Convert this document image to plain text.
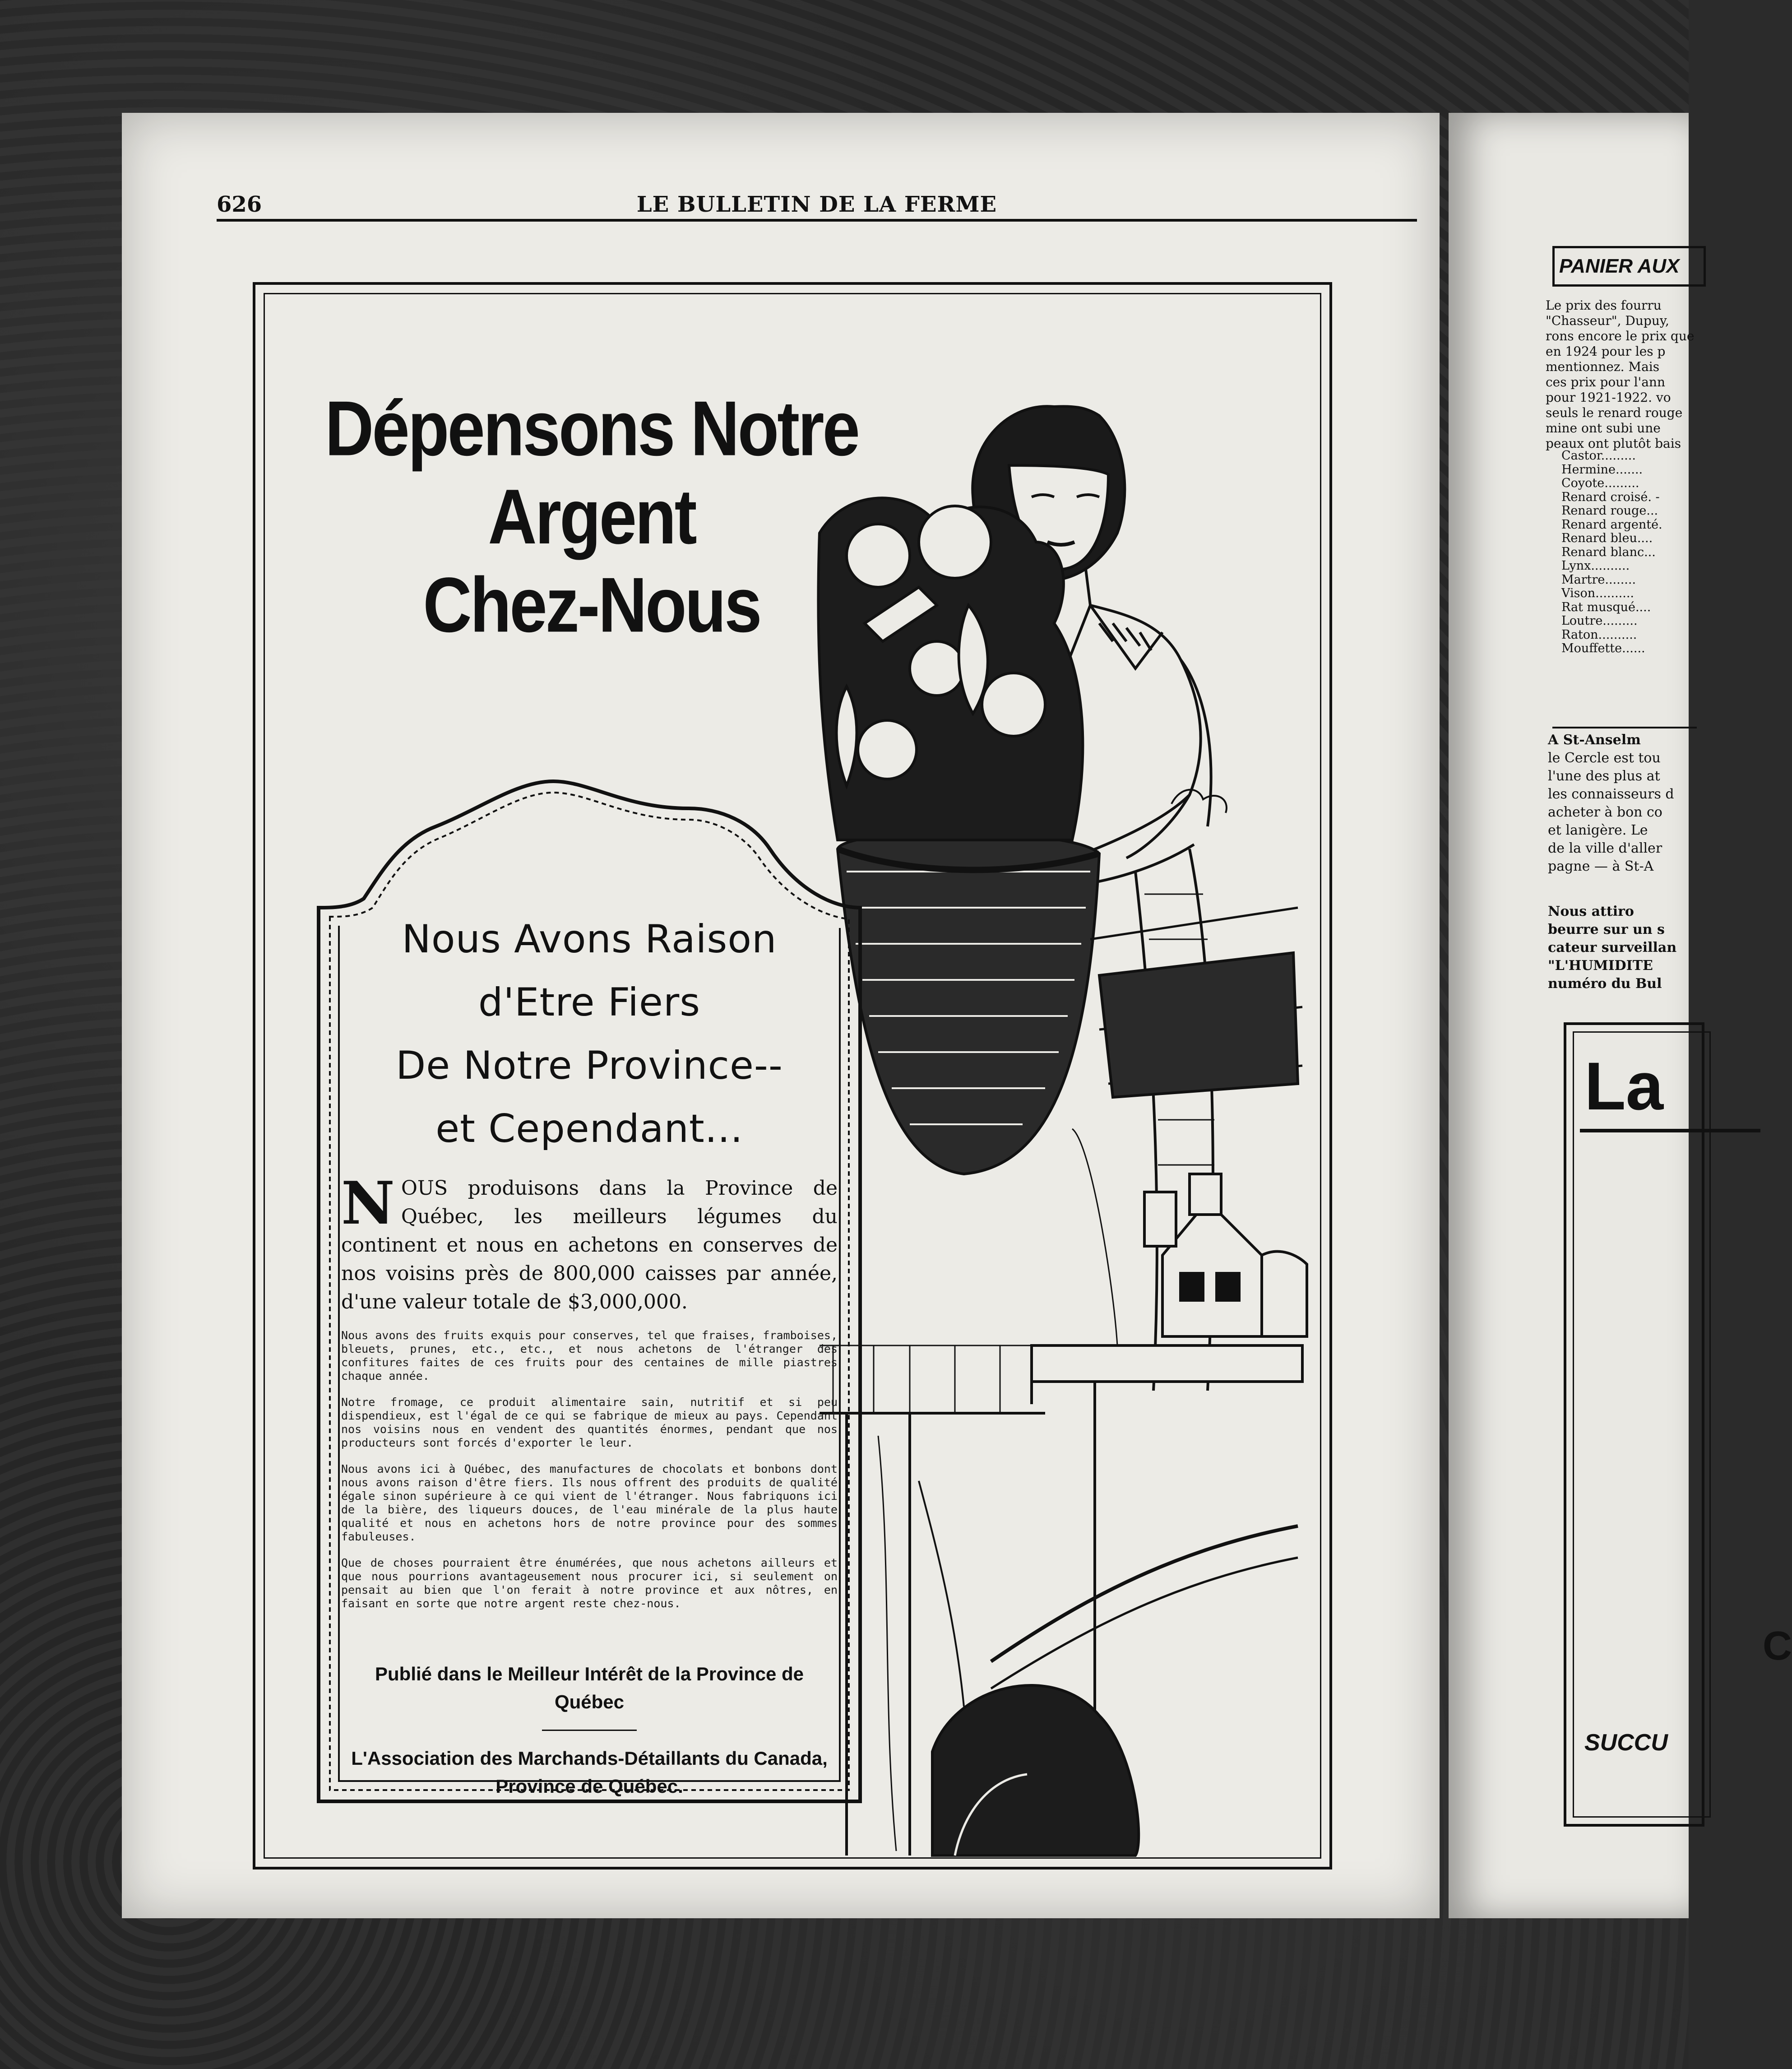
626	LE BULLETIN DE LA FERME
Dépensons Notre Argent
Chez-Nous
Nous Avons Raison
d'Etre Fiers
De Notre Province--
et Cependant...
N OUS produisons dans la Province de Québec, les meilleurs légumes du continent et nous en achetons en conserves de nos voisins près de 800,000 caisses par année, d'une valeur totale de $3,000,000.
Nous avons des fruits exquis pour conserves, tel que fraises, framboises, bleuets, prunes, etc., etc., et nous achetons de l'étranger des confitures faites de ces fruits pour des centaines de mille piastres chaque année.
Notre fromage, ce produit alimentaire sain, nutritif et si peu dispendieux, est l'égal de ce qui se fabrique de mieux au pays. Cependant nos voisins nous en vendent des quantités énormes, pendant que nos producteurs sont forcés d'exporter le leur.
Nous avons ici à Québec, des manufactures de chocolats et bonbons dont nous avons raison d'être fiers. Ils nous offrent des produits de qualité égale sinon supérieure à ce qui vient de l'étranger. Nous fabriquons ici de la bière, des liqueurs douces, de l'eau minérale de la plus haute qualité et nous en achetons hors de notre province pour des sommes fabuleuses.
Que de choses pourraient être énumérées, que nous achetons ailleurs et que nous pourrions avantageusement nous procurer ici, si seulement on pensait au bien que l'on ferait à notre province et aux nôtres, en faisant en sorte que notre argent reste chez-nous.
Publié dans le Meilleur Intérêt de la Province de Québec
L'Association des Marchands-Détaillants du Canada, Province de Québec.
PANIER AUX
Le prix des fourru
"Chasseur", Dupuy,
rons encore le prix que
en 1924 pour les p
mentionnez. Mais
ces prix pour l'ann
pour 1921-1922. vo
seuls le renard rouge
mine ont subi une
peaux ont plutôt bais
Castor.........
Hermine.......
Coyote.........
Renard croisé. -
Renard rouge...
Renard argenté.
Renard bleu....
Renard blanc...
Lynx..........
Martre........
Vison..........
Rat musqué....
Loutre.........
Raton..........
Mouffette......
A St-Anselm
le Cercle est tou
l'une des plus at
les connaisseurs d
acheter à bon co
et lanigère. Le
de la ville d'aller
pagne — à St-A
Nous attiro
beurre sur un s
cateur surveillan
"L'HUMIDITE
numéro du Bul
La
C
SUCCU
